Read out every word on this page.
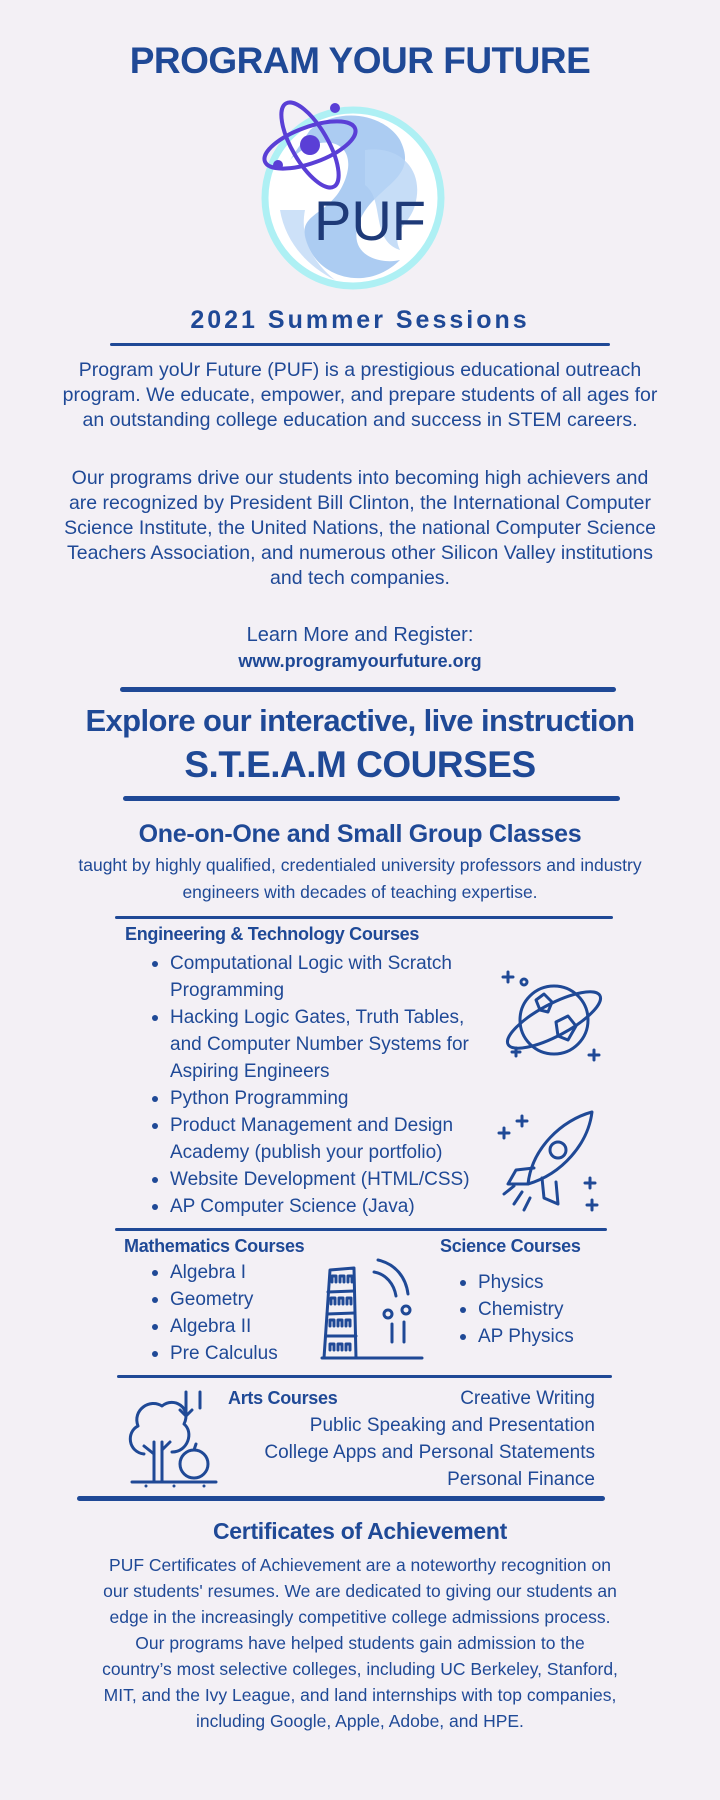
PROGRAM YOUR FUTURE
PUF
2021 Summer Sessions
Program yoUr Future (PUF) is a prestigious educational outreach program. We educate, empower, and prepare students of all ages for an outstanding college education and success in STEM careers.
Our programs drive our students into becoming high achievers and are recognized by President Bill Clinton, the International Computer Science Institute, the United Nations, the national Computer Science Teachers Association, and numerous other Silicon Valley institutions and tech companies.
Learn More and Register:
www.programyourfuture.org
Explore our interactive, live instruction
S.T.E.A.M COURSES
One-on-One and Small Group Classes
taught by highly qualified, credentialed university professors and industry engineers with decades of teaching expertise.
Engineering & Technology Courses
Computational Logic with Scratch Programming
Hacking Logic Gates, Truth Tables, and Computer Number Systems for Aspiring Engineers
Python Programming
Product Management and Design Academy (publish your portfolio)
Website Development (HTML/CSS)
AP Computer Science (Java)
Mathematics Courses
Algebra I
Geometry
Algebra II
Pre Calculus
Science Courses
Physics
Chemistry
AP Physics
Arts Courses	Creative Writing
Public Speaking and Presentation
College Apps and Personal Statements
Personal Finance
Certificates of Achievement
PUF Certificates of Achievement are a noteworthy recognition on our students' resumes. We are dedicated to giving our students an edge in the increasingly competitive college admissions process. Our programs have helped students gain admission to the country’s most selective colleges, including UC Berkeley, Stanford, MIT, and the Ivy League, and land internships with top companies, including Google, Apple, Adobe, and HPE.
